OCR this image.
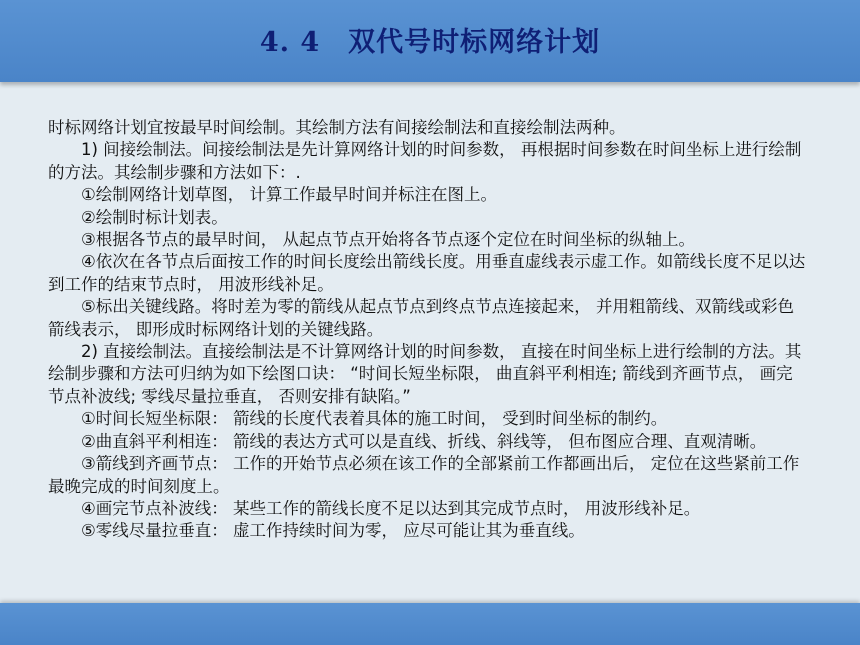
4. 4　双代号时标网络计划

时标网络计划宜按最早时间绘制。其绘制方法有间接绘制法和直接绘制法两种。

1) 间接绘制法。间接绘制法是先计算网络计划的时间参数， 再根据时间参数在时间坐标上进行绘制的方法。其绘制步骤和方法如下：.

①绘制网络计划草图， 计算工作最早时间并标注在图上。

②绘制时标计划表。

③根据各节点的最早时间， 从起点节点开始将各节点逐个定位在时间坐标的纵轴上。

④依次在各节点后面按工作的时间长度绘出箭线长度。用垂直虚线表示虚工作。如箭线长度不足以达到工作的结束节点时， 用波形线补足。

⑤标出关键线路。将时差为零的箭线从起点节点到终点节点连接起来， 并用粗箭线、双箭线或彩色箭线表示， 即形成时标网络计划的关键线路。

2) 直接绘制法。直接绘制法是不计算网络计划的时间参数， 直接在时间坐标上进行绘制的方法。其绘制步骤和方法可归纳为如下绘图口诀： “时间长短坐标限， 曲直斜平利相连; 箭线到齐画节点， 画完节点补波线; 零线尽量拉垂直， 否则安排有缺陷。”

①时间长短坐标限： 箭线的长度代表着具体的施工时间， 受到时间坐标的制约。

②曲直斜平利相连： 箭线的表达方式可以是直线、折线、斜线等， 但布图应合理、直观清晰。

③箭线到齐画节点： 工作的开始节点必须在该工作的全部紧前工作都画出后， 定位在这些紧前工作最晚完成的时间刻度上。

④画完节点补波线： 某些工作的箭线长度不足以达到其完成节点时， 用波形线补足。

⑤零线尽量拉垂直： 虚工作持续时间为零， 应尽可能让其为垂直线。
